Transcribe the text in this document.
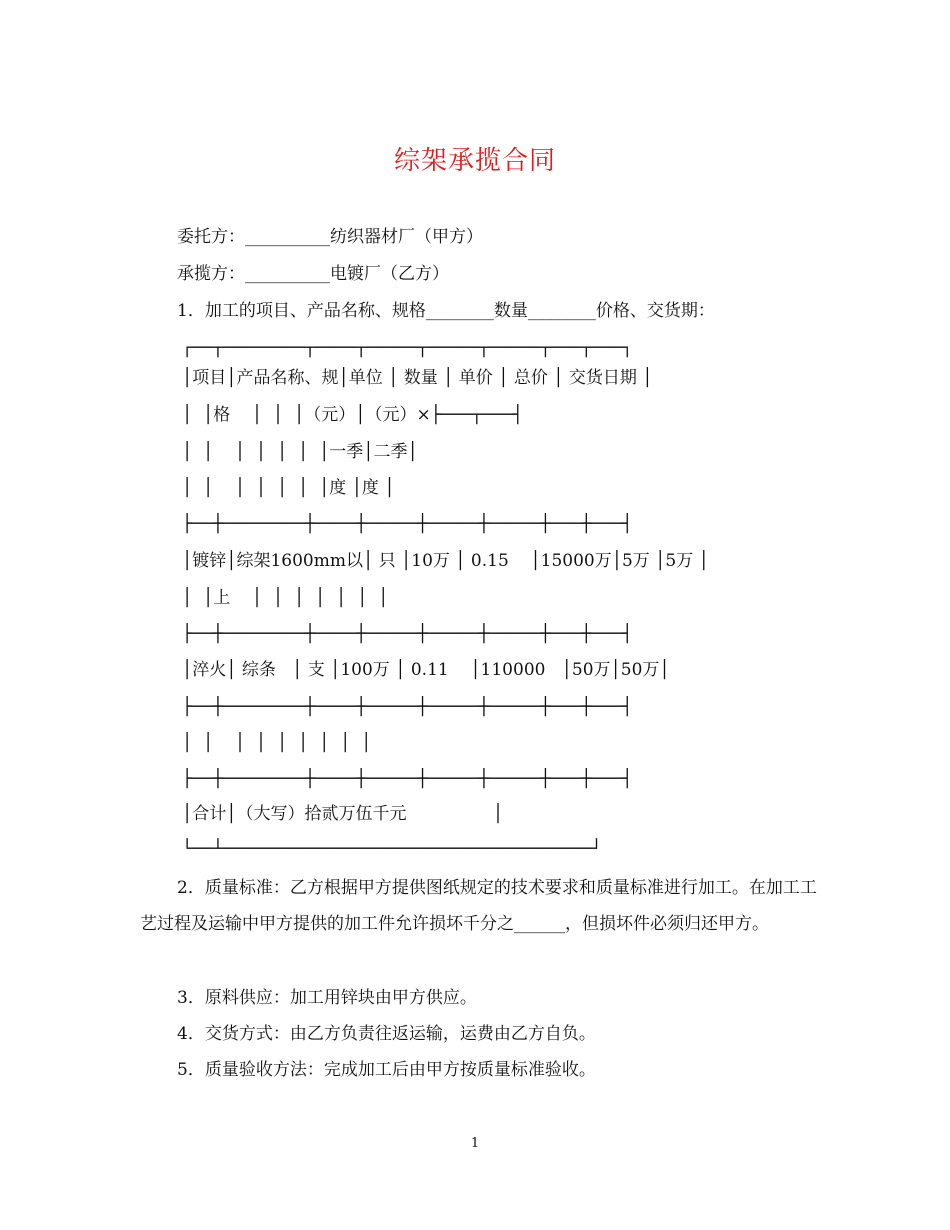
综架承揽合同
委托方：__________纺织器材厂（甲方）
承揽方：__________电镀厂（乙方）
1．加工的项目、产品名称、规格________数量________价格、交货期：
┌──┬────────┬────┬─────┬─────┬─────┬───┬───┐
│项目│产品名称、规│单位 │ 数量 │ 单价 │ 总价 │ 交货日期 │
│  │格    │  │  │（元）│（元）×├───┬───┤
│  │    │  │  │  │  │一季│二季│
│  │    │  │  │  │  │度 │度 │
├──┼────────┼────┼─────┼─────┼─────┼───┼───┤
│镀锌│综架1600mm以│ 只 │10万 │ 0.15    │15000万│5万 │5万 │
│  │上    │  │  │  │  │  │  │
├──┼────────┼────┼─────┼─────┼─────┼───┼───┤
│淬火│ 综条   │ 支 │100万 │ 0.11    │110000   │50万│50万│
├──┼────────┼────┼─────┼─────┼─────┼───┼───┤
│  │    │  │  │  │  │  │  │
├──┼────────┼────┼─────┼─────┼─────┼───┼───┤
│合计│（大写）拾贰万伍千元                │
└──┴────────────────────────────────────┘
2．质量标准：乙方根据甲方提供图纸规定的技术要求和质量标准进行加工。在加工工艺过程及运输中甲方提供的加工件允许损坏千分之______，但损坏件必须归还甲方。
3．原料供应：加工用锌块由甲方供应。
4．交货方式：由乙方负责往返运输，运费由乙方自负。
5．质量验收方法：完成加工后由甲方按质量标准验收。
1
